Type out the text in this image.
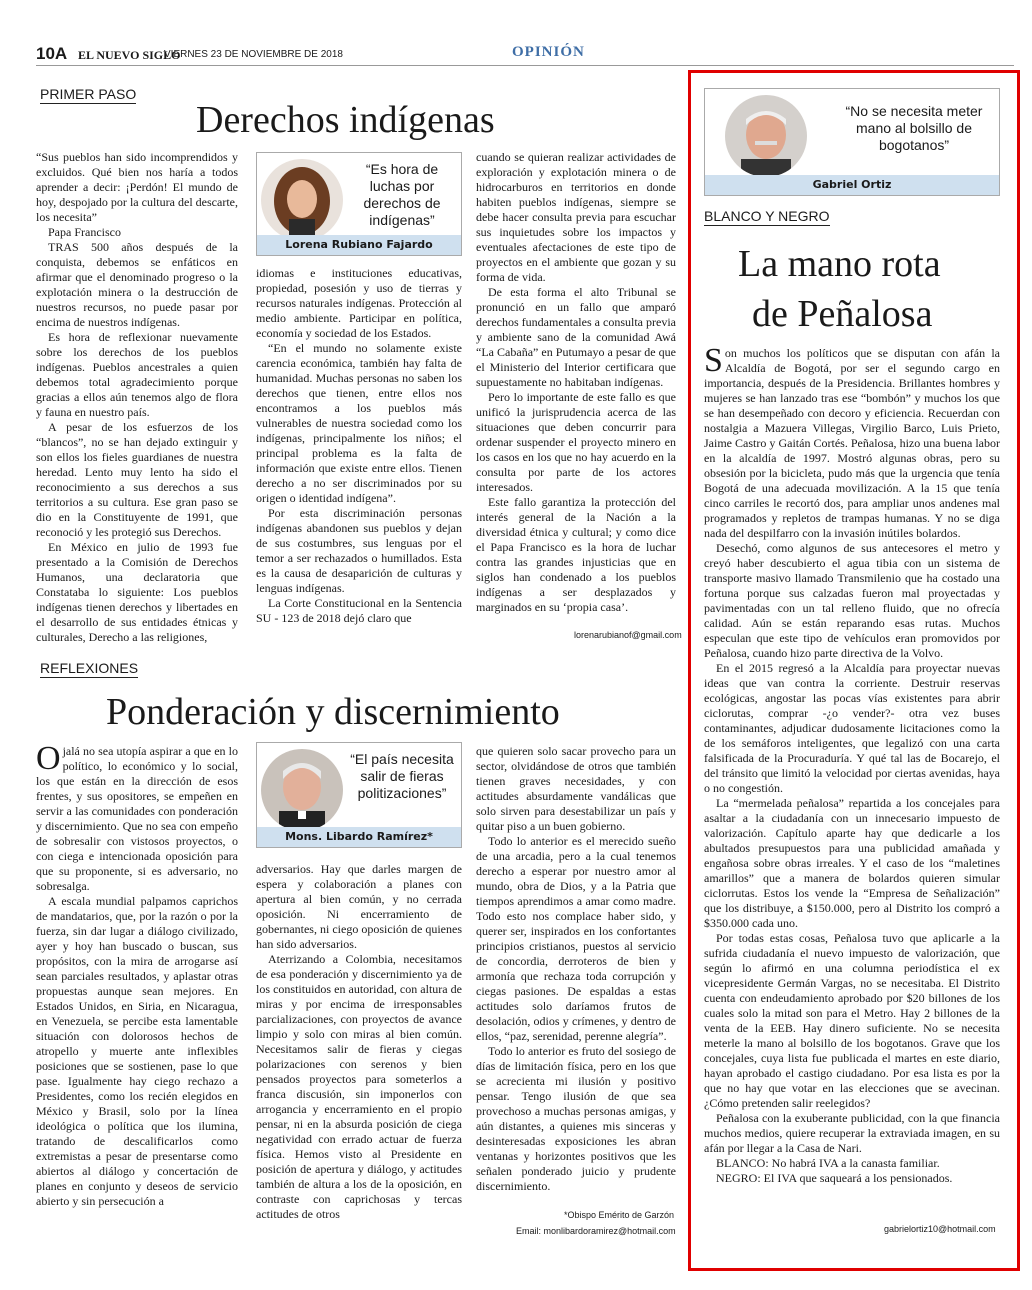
10A EL NUEVO SIGLO
VIERNES 23 DE NOVIEMBRE DE 2018	OPINIÓN
PRIMER PASO
Derechos indígenas

“Sus pueblos han sido incomprendidos y excluidos. Qué bien nos haría a todos aprender a decir: ¡Perdón! El mundo de hoy, despojado por la cultura del descarte, los necesita”

Papa Francisco

TRAS 500 años después de la conquista, debemos se enfáticos en afirmar que el denominado progreso o la explotación minera o la destrucción de nuestros recursos, no puede pasar por encima de nuestros indígenas.

Es hora de reflexionar nuevamente sobre los derechos de los pueblos indígenas. Pueblos ancestrales a quien debemos total agradecimiento porque gracias a ellos aún tenemos algo de flora y fauna en nuestro país.

A pesar de los esfuerzos de los “blancos”, no se han dejado extinguir y son ellos los fieles guardianes de nuestra heredad. Lento muy lento ha sido el reconocimiento a sus derechos a sus territorios a su cultura. Ese gran paso se dio en la Constituyente de 1991, que reconoció y les protegió sus Derechos.

En México en julio de 1993 fue presentado a la Comisión de Derechos Humanos, una declaratoria que Constataba lo siguiente: Los pueblos indígenas tienen derechos y libertades en el desarrollo de sus entidades étnicas y culturales, Derecho a las religiones,

“Es hora de luchas por derechos de indígenas”
Lorena Rubiano Fajardo

idiomas e instituciones educativas, propiedad, posesión y uso de tierras y recursos naturales indígenas. Protección al medio ambiente. Participar en política, economía y sociedad de los Estados.

“En el mundo no solamente existe carencia económica, también hay falta de humanidad. Muchas personas no saben los derechos que tienen, entre ellos nos encontramos a los pueblos más vulnerables de nuestra sociedad como los indígenas, principalmente los niños; el principal problema es la falta de información que existe entre ellos. Tienen derecho a no ser discriminados por su origen o identidad indígena”.

Por esta discriminación personas indígenas abandonen sus pueblos y dejan de sus costumbres, sus lenguas por el temor a ser rechazados o humillados. Esta es la causa de desaparición de culturas y lenguas indígenas.

La Corte Constitucional en la Sentencia SU - 123 de 2018 dejó claro que

cuando se quieran realizar actividades de exploración y explotación minera o de hidrocarburos en territorios en donde habiten pueblos indígenas, siempre se debe hacer consulta previa para escuchar sus inquietudes sobre los impactos y eventuales afectaciones de este tipo de proyectos en el ambiente que gozan y su forma de vida.

De esta forma el alto Tribunal se pronunció en un fallo que amparó derechos fundamentales a consulta previa y ambiente sano de la comunidad Awá “La Cabaña” en Putumayo a pesar de que el Ministerio del Interior certificara que supuestamente no habitaban indígenas.

Pero lo importante de este fallo es que unificó la jurisprudencia acerca de las situaciones que deben concurrir para ordenar suspender el proyecto minero en los casos en los que no hay acuerdo en la consulta por parte de los actores interesados.

Este fallo garantiza la protección del interés general de la Nación a la diversidad étnica y cultural; y como dice el Papa Francisco es la hora de luchar contra las grandes injusticias que en siglos han condenado a los pueblos indígenas a ser desplazados y marginados en su ‘propia casa’.

lorenarubianof@gmail.com
REFLEXIONES
Ponderación y discernimiento
O jalá no sea utopía aspirar a que en lo político, lo económico y lo social, los que están en la dirección de esos frentes, y sus opositores, se empeñen en servir a las comunidades con ponderación y discernimiento. Que no sea con empeño de sobresalir con vistosos proyectos, o con ciega e intencionada oposición para que su proponente, si es adversario, no sobresalga.

A escala mundial palpamos caprichos de mandatarios, que, por la razón o por la fuerza, sin dar lugar a diálogo civilizado, ayer y hoy han buscado o buscan, sus propósitos, con la mira de arrogarse así sean parciales resultados, y aplastar otras propuestas aunque sean mejores. En Estados Unidos, en Siria, en Nicaragua, en Venezuela, se percibe esta lamentable situación con dolorosos hechos de atropello y muerte ante inflexibles posiciones que se sostienen, pase lo que pase. Igualmente hay ciego rechazo a Presidentes, como los recién elegidos en México y Brasil, solo por la línea ideológica o política que los ilumina, tratando de descalificarlos como extremistas a pesar de presentarse como abiertos al diálogo y concertación de planes en conjunto y deseos de servicio abierto y sin persecución a

“El país necesita salir de fieras politizaciones”
Mons. Libardo Ramírez*

adversarios. Hay que darles margen de espera y colaboración a planes con apertura al bien común, y no cerrada oposición. Ni encerramiento de gobernantes, ni ciego oposición de quienes han sido adversarios.

Aterrizando a Colombia, necesitamos de esa ponderación y discernimiento ya de los constituidos en autoridad, con altura de miras y por encima de irresponsables parcializaciones, con proyectos de avance limpio y solo con miras al bien común. Necesitamos salir de fieras y ciegas polarizaciones con serenos y bien pensados proyectos para someterlos a franca discusión, sin imponerlos con arrogancia y encerramiento en el propio pensar, ni en la absurda posición de ciega negatividad con errado actuar de fuerza física. Hemos visto al Presidente en posición de apertura y diálogo, y actitudes también de altura a los de la oposición, en contraste con caprichosas y tercas actitudes de otros

que quieren solo sacar provecho para un sector, olvidándose de otros que también tienen graves necesidades, y con actitudes absurdamente vandálicas que solo sirven para desestabilizar un país y quitar piso a un buen gobierno.

Todo lo anterior es el merecido sueño de una arcadia, pero a la cual tenemos derecho a esperar por nuestro amor al mundo, obra de Dios, y a la Patria que tiempos aprendimos a amar como madre. Todo esto nos complace haber sido, y querer ser, inspirados en los confortantes principios cristianos, puestos al servicio de concordia, derroteros de bien y armonía que rechaza toda corrupción y ciegas pasiones. De espaldas a estas actitudes solo daríamos frutos de desolación, odios y crímenes, y dentro de ellos, “paz, serenidad, perenne alegría”.

Todo lo anterior es fruto del sosiego de días de limitación física, pero en los que se acrecienta mi ilusión y positivo pensar. Tengo ilusión de que sea provechoso a muchas personas amigas, y aún distantes, a quienes mis sinceras y desinteresadas exposiciones les abran ventanas y horizontes positivos que les señalen ponderado juicio y prudente discernimiento.

*Obispo Emérito de Garzón
Email: monlibardoramirez@hotmail.com
“No se necesita meter mano al bolsillo de bogotanos”
Gabriel Ortiz
BLANCO Y NEGRO
La mano rota
de Peñalosa
S on muchos los políticos que se disputan con afán la Alcaldía de Bogotá, por ser el segundo cargo en importancia, después de la Presidencia. Brillantes hombres y mujeres se han lanzado tras ese “bombón” y muchos los que se han desempeñado con decoro y eficiencia. Recuerdan con nostalgia a Mazuera Villegas, Virgilio Barco, Luis Prieto, Jaime Castro y Gaitán Cortés. Peñalosa, hizo una buena labor en la alcaldía de 1997. Mostró algunas obras, pero su obsesión por la bicicleta, pudo más que la urgencia que tenía Bogotá de una adecuada movilización. A la 15 que tenía cinco carriles le recortó dos, para ampliar unos andenes mal programados y repletos de trampas humanas. Y no se diga nada del despilfarro con la invasión inútiles bolardos.

Desechó, como algunos de sus antecesores el metro y creyó haber descubierto el agua tibia con un sistema de transporte masivo llamado Transmilenio que ha costado una fortuna porque sus calzadas fueron mal proyectadas y pavimentadas con un tal relleno fluido, que no ofrecía calidad. Aún se están reparando esas rutas. Muchos especulan que este tipo de vehículos eran promovidos por Peñalosa, cuando hizo parte directiva de la Volvo.

En el 2015 regresó a la Alcaldía para proyectar nuevas ideas que van contra la corriente. Destruir reservas ecológicas, angostar las pocas vías existentes para abrir ciclorutas, comprar -¿o vender?- otra vez buses contaminantes, adjudicar dudosamente licitaciones como la de los semáforos inteligentes, que legalizó con una carta falsificada de la Procuraduría. Y qué tal las de Bocarejo, el del tránsito que limitó la velocidad por ciertas avenidas, haya o no congestión.

La “mermelada peñalosa” repartida a los concejales para asaltar a la ciudadanía con un innecesario impuesto de valorización. Capítulo aparte hay que dedicarle a los abultados presupuestos para una publicidad amañada y engañosa sobre obras irreales. Y el caso de los “maletines amarillos” que a manera de bolardos quieren simular ciclorrutas. Estos los vende la “Empresa de Señalización” que los distribuye, a $150.000, pero al Distrito los compró a $350.000 cada uno.

Por todas estas cosas, Peñalosa tuvo que aplicarle a la sufrida ciudadanía el nuevo impuesto de valorización, que según lo afirmó en una columna periodística el ex vicepresidente Germán Vargas, no se necesitaba. El Distrito cuenta con endeudamiento aprobado por $20 billones de los cuales solo la mitad son para el Metro. Hay 2 billones de la venta de la EEB. Hay dinero suficiente. No se necesita meterle la mano al bolsillo de los bogotanos. Grave que los concejales, cuya lista fue publicada el martes en este diario, hayan aprobado el castigo ciudadano. Por esa lista es por la que no hay que votar en las elecciones que se avecinan. ¿Cómo pretenden salir reelegidos?

Peñalosa con la exuberante publicidad, con la que financia muchos medios, quiere recuperar la extraviada imagen, en su afán por llegar a la Casa de Nari.

BLANCO: No habrá IVA a la canasta familiar.

NEGRO: El IVA que saqueará a los pensionados.

gabrielortiz10@hotmail.com
